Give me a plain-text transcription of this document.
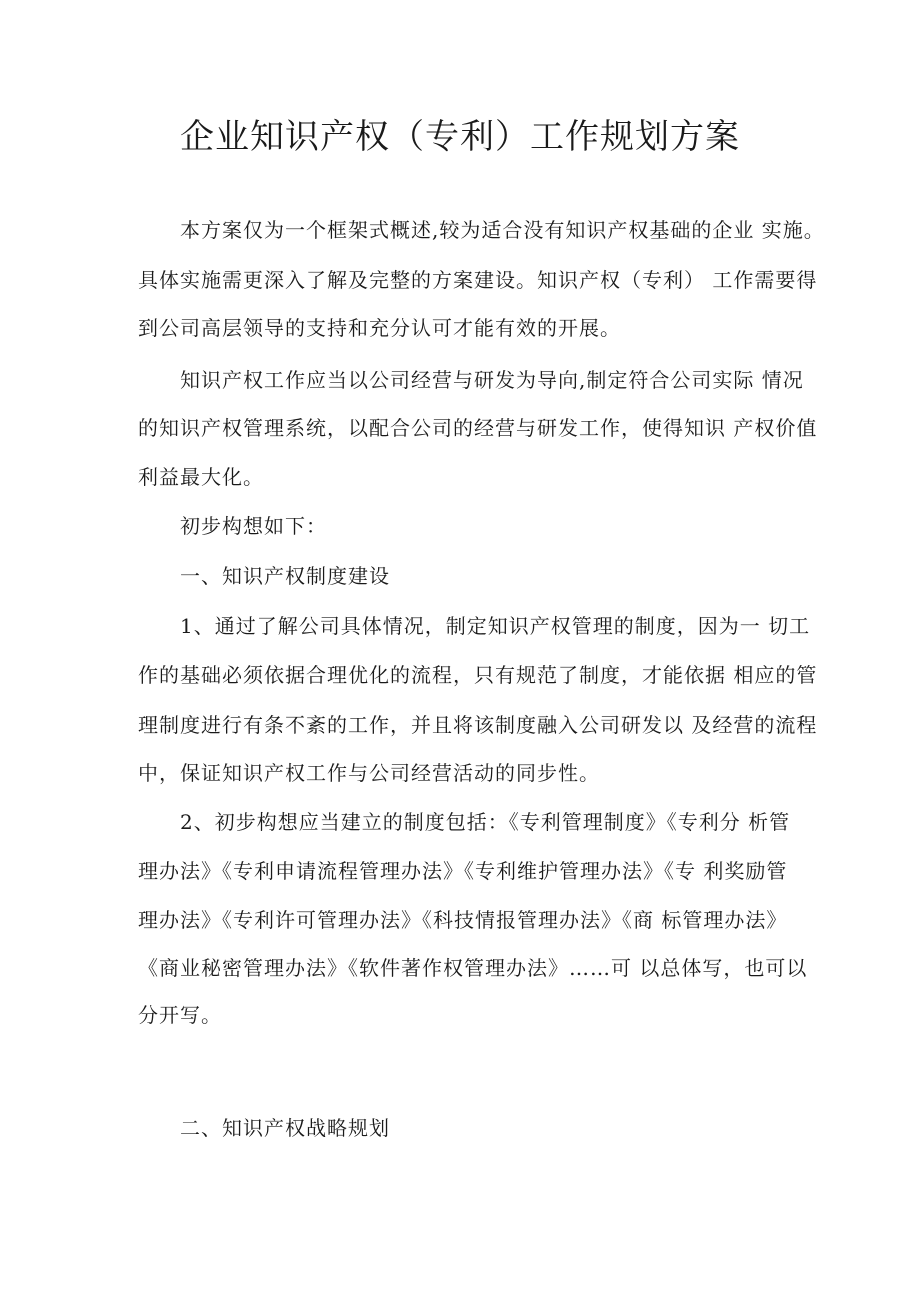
企业知识产权（专利）工作规划方案
本方案仅为一个框架式概述,较为适合没有知识产权基础的企业 实施。
具体实施需更深入了解及完整的方案建设。知识产权（专利） 工作需要得
到公司高层领导的支持和充分认可才能有效的开展。
知识产权工作应当以公司经营与研发为导向,制定符合公司实际 情况
的知识产权管理系统，以配合公司的经营与研发工作，使得知识 产权价值
利益最大化。
初步构想如下：
一、知识产权制度建设
1、通过了解公司具体情况，制定知识产权管理的制度，因为一 切工
作的基础必须依据合理优化的流程，只有规范了制度，才能依据 相应的管
理制度进行有条不紊的工作，并且将该制度融入公司研发以 及经营的流程
中，保证知识产权工作与公司经营活动的同步性。
2、初步构想应当建立的制度包括：《专利管理制度》《专利分 析管
理办法》《专利申请流程管理办法》《专利维护管理办法》《专 利奖励管
理办法》《专利许可管理办法》《科技情报管理办法》《商 标管理办法》
《商业秘密管理办法》《软件著作权管理办法》……可 以总体写，也可以
分开写。
二、知识产权战略规划
